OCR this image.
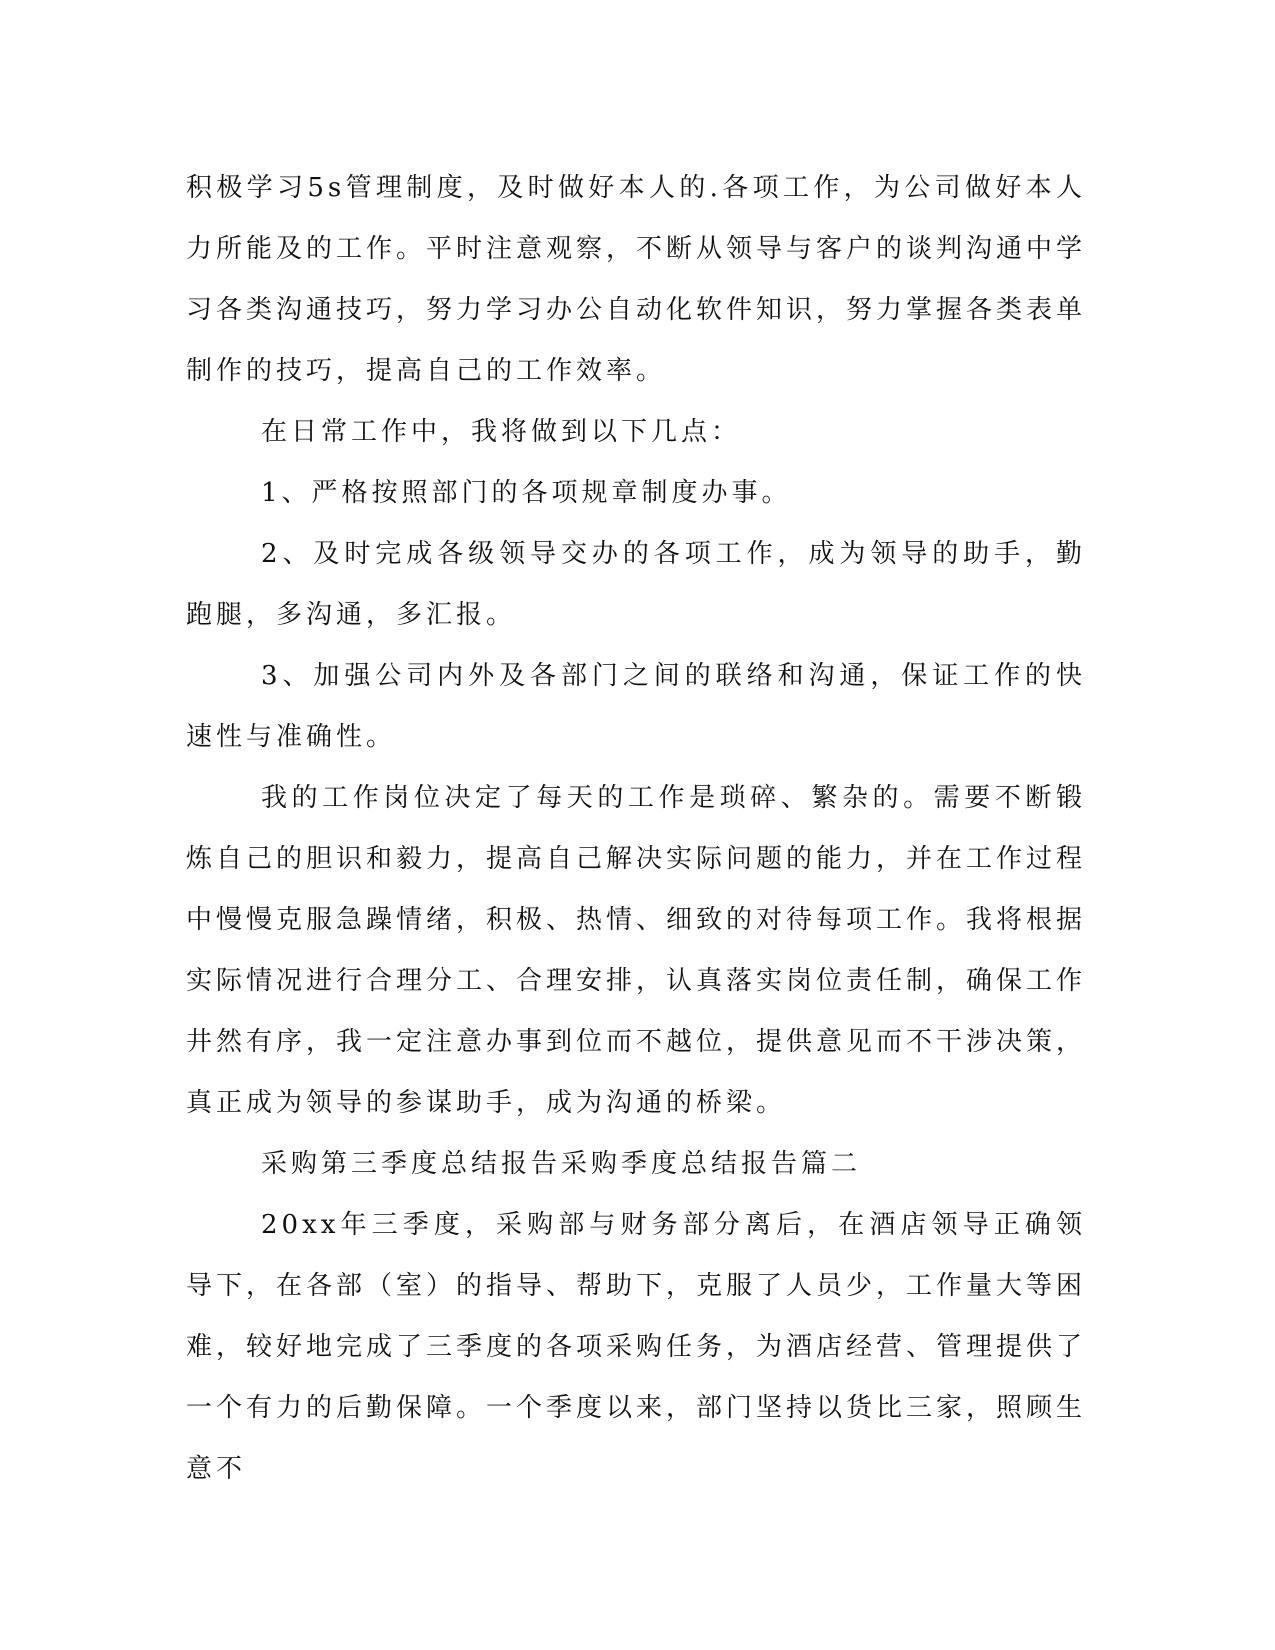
积极学习5s管理制度，及时做好本人的.各项工作，为公司做好本人力所能及的工作。平时注意观察，不断从领导与客户的谈判沟通中学习各类沟通技巧，努力学习办公自动化软件知识，努力掌握各类表单制作的技巧，提高自己的工作效率。

在日常工作中，我将做到以下几点：

1、严格按照部门的各项规章制度办事。

2、及时完成各级领导交办的各项工作，成为领导的助手，勤跑腿，多沟通，多汇报。

3、加强公司内外及各部门之间的联络和沟通，保证工作的快速性与准确性。

我的工作岗位决定了每天的工作是琐碎、繁杂的。需要不断锻炼自己的胆识和毅力，提高自己解决实际问题的能力，并在工作过程中慢慢克服急躁情绪，积极、热情、细致的对待每项工作。我将根据实际情况进行合理分工、合理安排，认真落实岗位责任制，确保工作井然有序，我一定注意办事到位而不越位，提供意见而不干涉决策，真正成为领导的参谋助手，成为沟通的桥梁。

采购第三季度总结报告采购季度总结报告篇二

20xx年三季度，采购部与财务部分离后，在酒店领导正确领导下，在各部（室）的指导、帮助下，克服了人员少，工作量大等困难，较好地完成了三季度的各项采购任务，为酒店经营、管理提供了一个有力的后勤保障。一个季度以来，部门坚持以货比三家，照顾生意不
